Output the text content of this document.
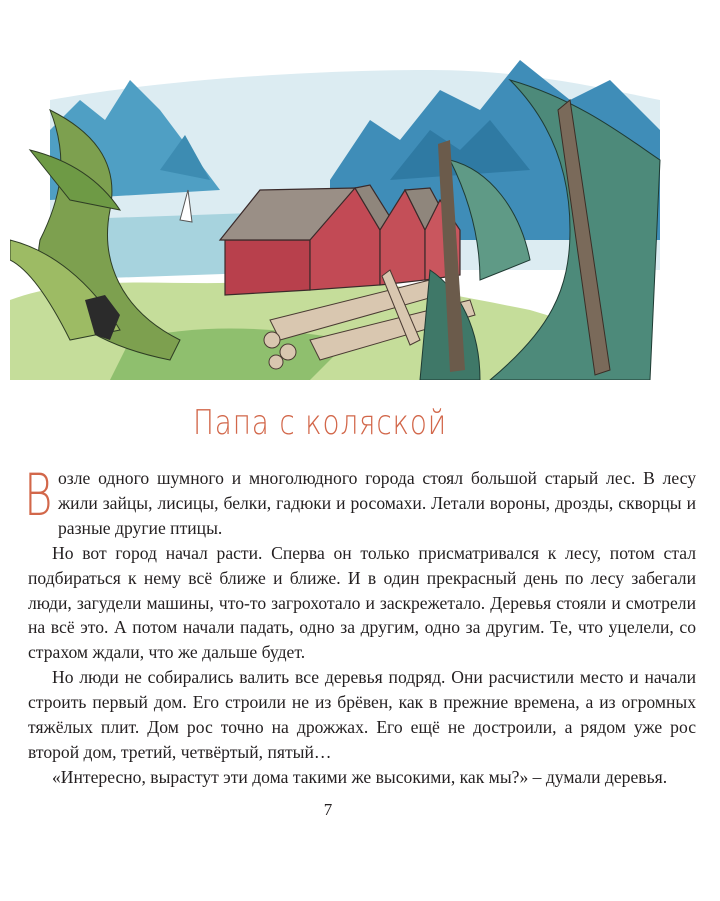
Папа с коляской

Возле одного шумного и многолюдного города стоял большой старый лес. В лесу жили зайцы, лисицы, белки, гадюки и росомахи. Летали вороны, дрозды, скворцы и разные другие птицы.

Но вот город начал расти. Сперва он только присматривался к лесу, потом стал подбираться к нему всё ближе и ближе. И в один прекрасный день по лесу забегали люди, загудели машины, что-то загрохотало и заскрежетало. Деревья стояли и смотрели на всё это. А потом начали падать, одно за другим, одно за другим. Те, что уцелели, со страхом ждали, что же дальше будет.

Но люди не собирались валить все деревья подряд. Они расчистили место и начали строить первый дом. Его строили не из брёвен, как в прежние времена, а из огромных тяжёлых плит. Дом рос точно на дрожжах. Его ещё не достроили, а рядом уже рос второй дом, третий, четвёртый, пятый…

«Интересно, вырастут эти дома такими же высокими, как мы?» – думали деревья.

7
